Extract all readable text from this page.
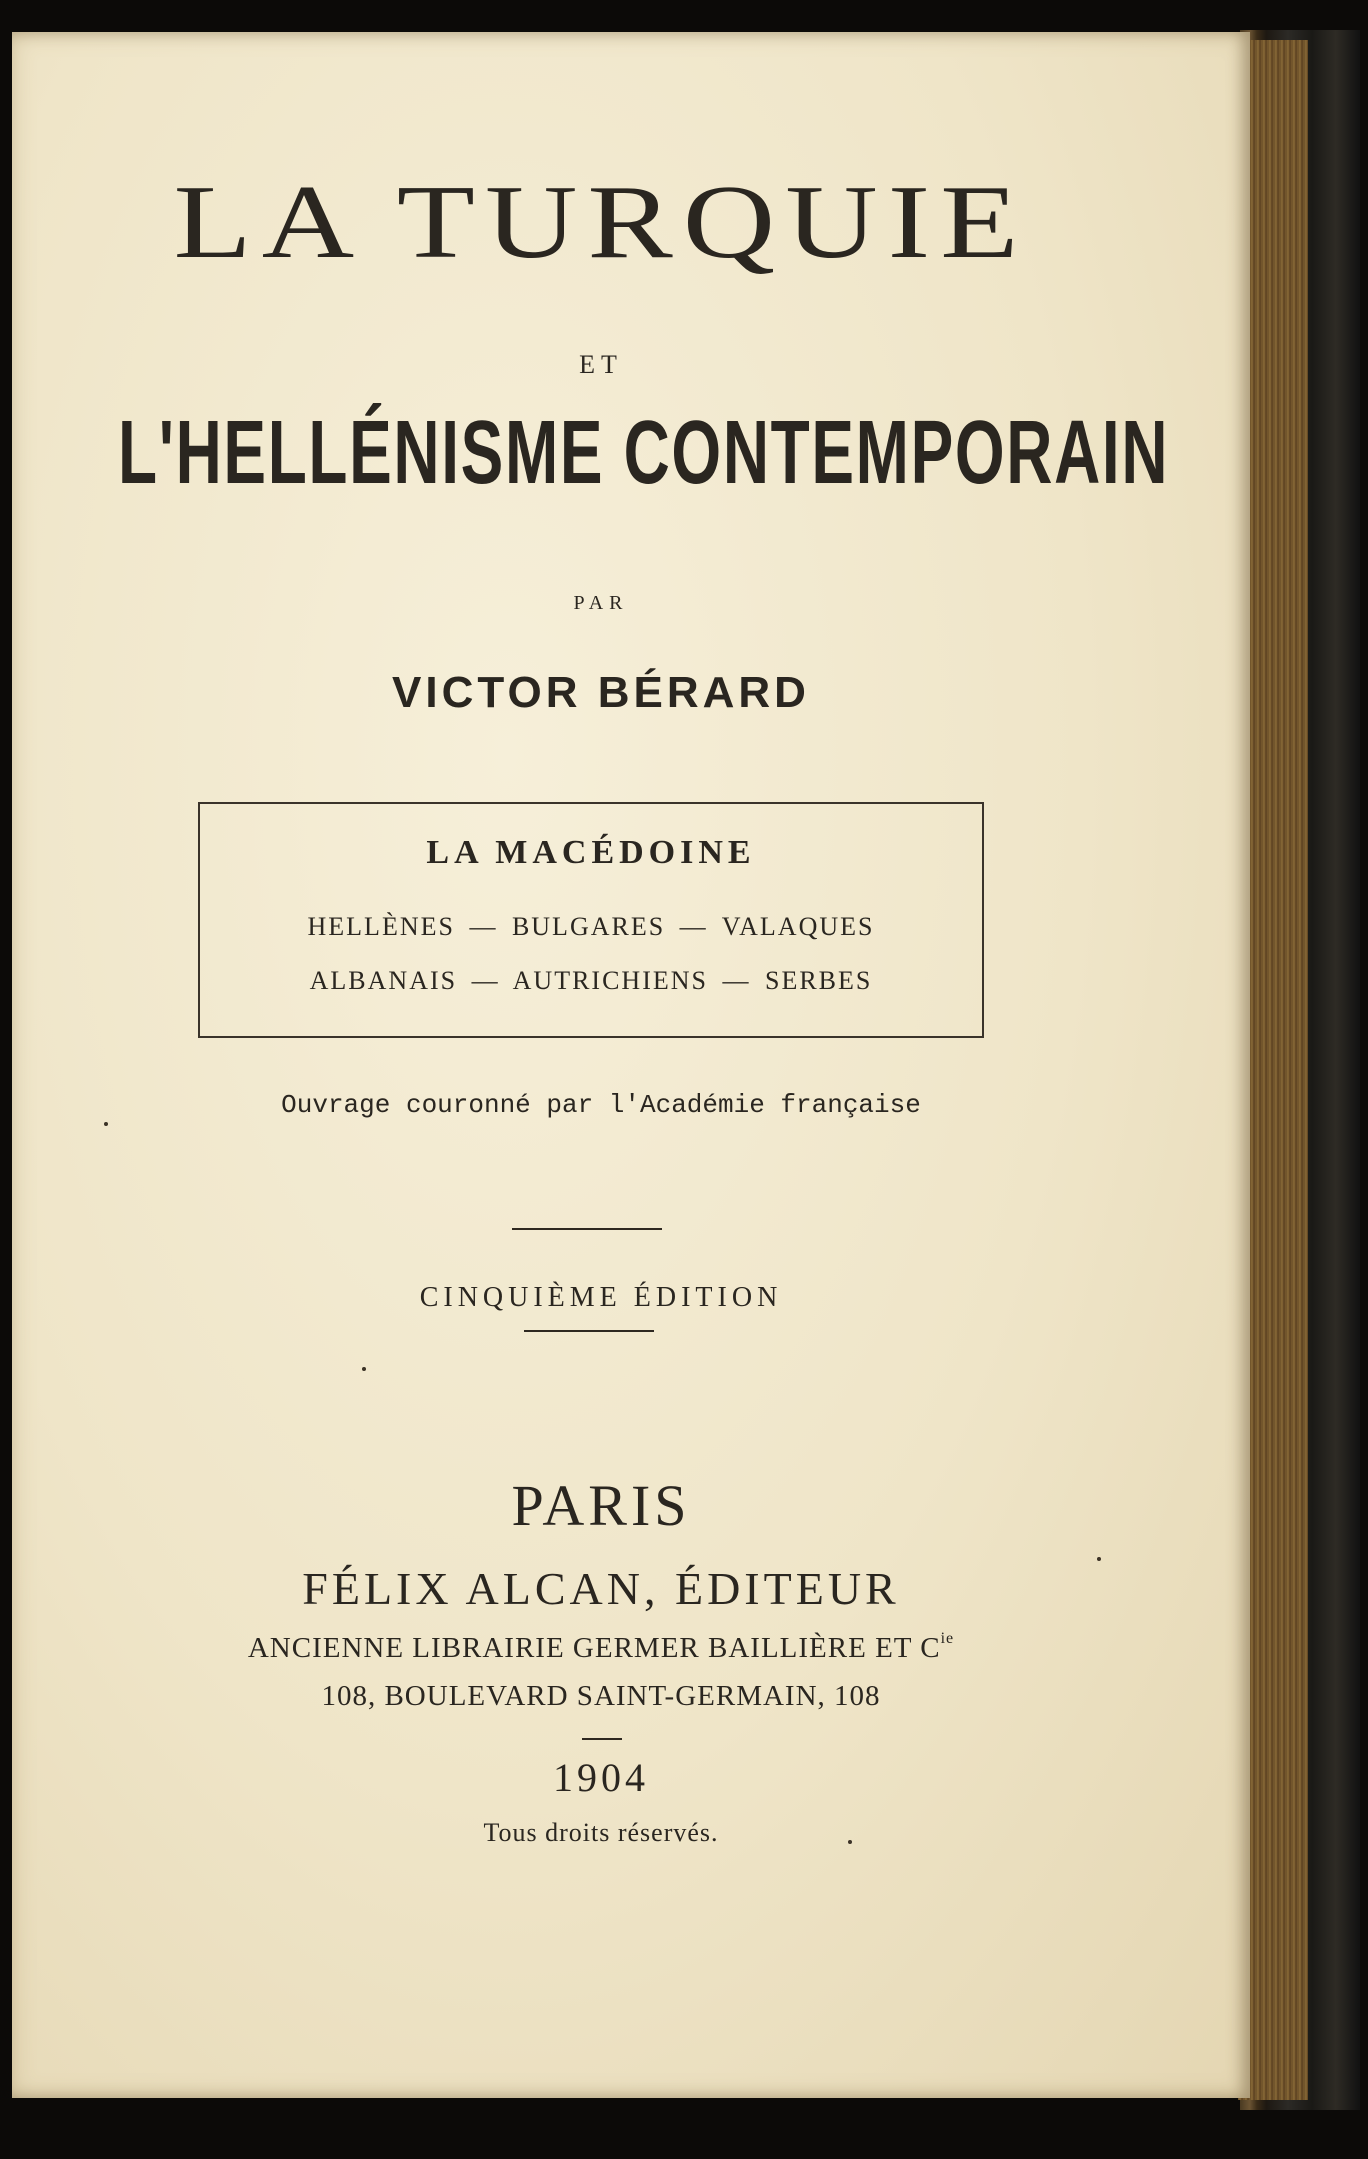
LA TURQUIE
ET
L'HELLÉNISME CONTEMPORAIN
PAR
VICTOR BÉRARD
LA MACÉDOINE
HELLÈNES — BULGARES — VALAQUES
ALBANAIS — AUTRICHIENS — SERBES
Ouvrage couronné par l'Académie française
CINQUIÈME ÉDITION
PARIS
FÉLIX ALCAN, ÉDITEUR
ANCIENNE LIBRAIRIE GERMER BAILLIÈRE ET $C^{ie}$
108, BOULEVARD SAINT-GERMAIN, 108
1904
Tous droits réservés.
